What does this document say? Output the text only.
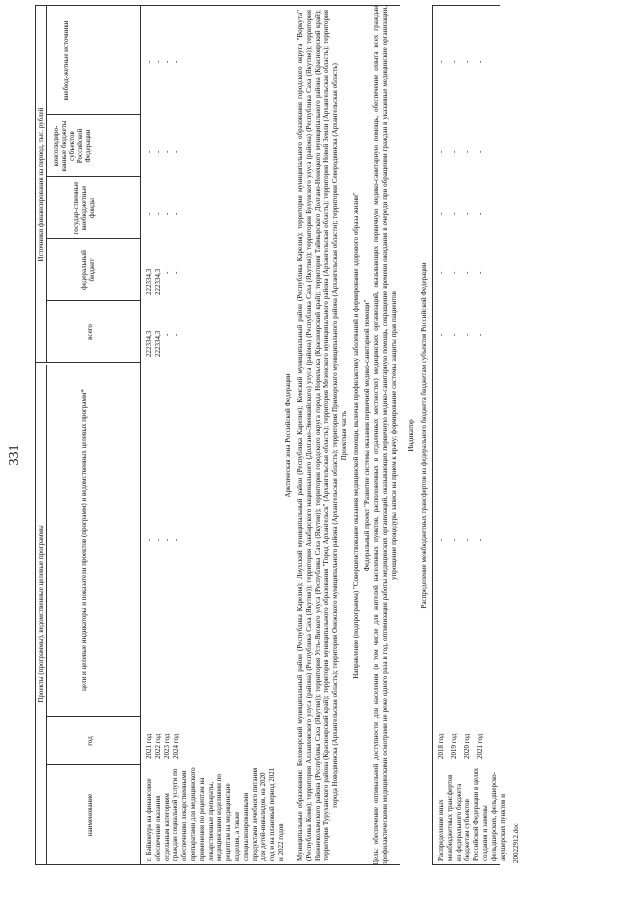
331
Проекты (программы), ведомственные целевые программы
Источники финансирования на период, тыс. рублей
наименование
год
цели и целевые индикаторы и показатели проектов (программ) и ведомственных целевых программ*
всего
федеральный бюджет
государ-ственные внебюджетные фонды
консолидиро-ванные бюджеты субъектов Российской Федерации
внебюд-жетные источники
г. Байконура на финансовое обеспечение оказания отдельным категориям граждан социальной услуги по обеспечению лекарственными препаратами для медицинского применения по рецептам на лекарственные препараты, медицинскими изделиями по рецептам на медицинские изделия, а также специализированными продуктами лечебного питания для детей-инвалидов, на 2020 год и на плановый период 2021 и 2022 годов
2021 год 2022 год 2023 год 2024 год
- - - -
222334,3 222334,3 - -
222334,3 222334,3 - -
- - - -
- - - -
- - - -
Арктическая зона Российской Федерации Муниципальные образования: Беломорский муниципальный район (Республика Карелия); Лоухский муниципальный район (Республика Карелия); Кемский муниципальный район (Республика Карелия); территория муниципального образования городского округа "Воркута" (Республика Коми); территория Аллаиховского улуса (района) (Республика Саха (Якутия)); территория Анабарского национального (Долгано-Эвенкийского) улуса (района) (Республика Саха (Якутия)); территория Булунского улуса (района) (Республика Саха (Якутия)); территория Нижнеколымского района (Республика Саха (Якутия)); территория Усть-Янского улуса (Республика Саха (Якутия)); территория городского округа города Норильска (Красноярский край); территория Таймырского Долгано-Ненецкого муниципального района (Красноярский край); территория Туруханского района (Красноярский край); территория муниципального образования "Город Архангельск" (Архангельская область); территория Мезенского муниципального района (Архангельская область); территория Новой Земли (Архангельская область); территория города Новодвинска (Архангельская область); территория Онежского муниципального района (Архангельская область); территория Приморского муниципального района (Архангельская области); территория Северодвинска (Архангельская область) Проектная часть Направление (подпрограмма) "Совершенствование оказания медицинской помощи, включая профилактику заболеваний и формирование здорового образа жизни" Федеральный проект "Развитие системы оказания первичной медико-санитарной помощи" Цель: обеспечение оптимальной доступности для населения (в том числе для жителей населенных пунктов, расположенных в отдаленных местностях) медицинских организаций, оказывающих первичную медико-санитарную помощь, обеспечение охвата всех граждан профилактическими медицинскими осмотрами не реже одного раза в год, оптимизация работы медицинских организаций, оказывающих первичную медико-санитарную помощь, сокращение времени ожидания в очереди при обращении граждан в указанные медицинские организации, упрощение процедуры записи на прием к врачу; формирование системы защиты прав пациентов Индикатор Распределение межбюджетных трансфертов из федерального бюджета бюджетам субъектов Российской Федерации
Распределение иных межбюджетных трансфертов из федерального бюджета бюджетам субъектов Российской Федерации в целях создания и замены фельдшерских, фельдшерско-акушерских пунктов и
2018 год 2019 год 2020 год 2021 год
- - - -
- - - -
- - - -
- - - -
- - - -
- - - -
20022912.doc
